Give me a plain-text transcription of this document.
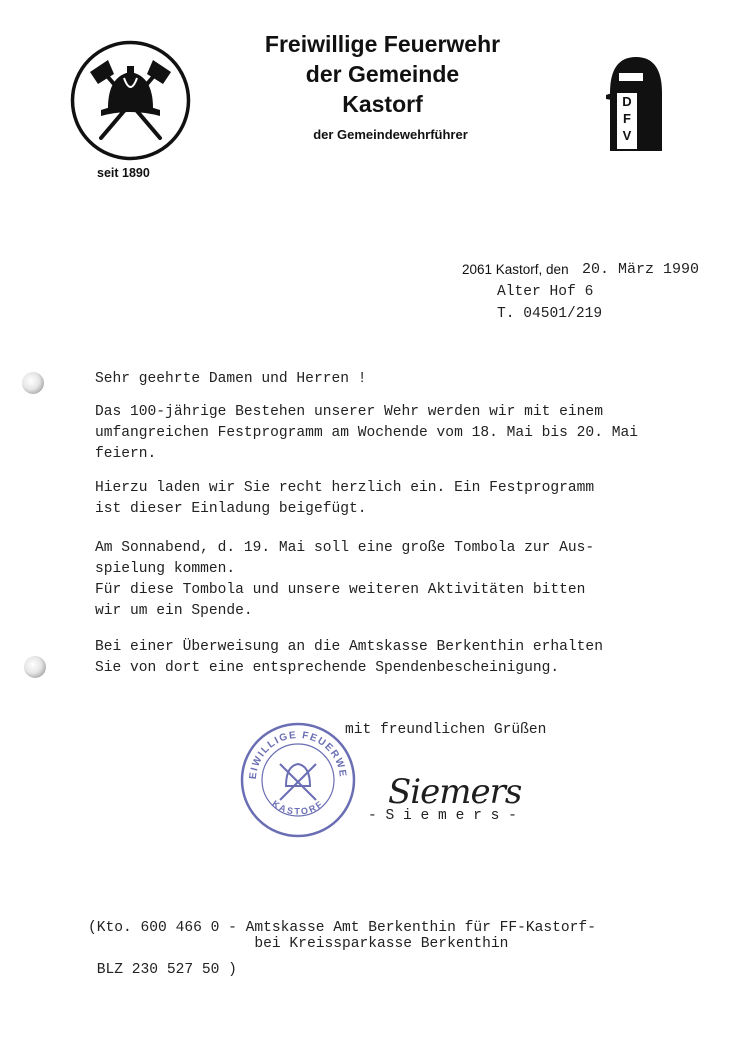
seit 1890
Freiwillige Feuerwehr
der Gemeinde
Kastorf
der Gemeindewehrführer
D
F
V
2061 Kastorf, den 20. März 1990
Alter Hof 6
T. 04501/219
Sehr geehrte Damen und Herren !
Das 100-jährige Bestehen unserer Wehr werden wir mit einem
umfangreichen Festprogramm am Wochende vom 18. Mai bis 20. Mai
feiern.
Hierzu laden wir Sie recht herzlich ein. Ein Festprogramm
ist dieser Einladung beigefügt.
Am Sonnabend, d. 19. Mai soll eine große Tombola zur Aus-
spielung kommen.
Für diese Tombola und unsere weiteren Aktivitäten bitten
wir um ein Spende.
Bei einer Überweisung an die Amtskasse Berkenthin erhalten
Sie von dort eine entsprechende Spendenbescheinigung.
mit freundlichen Grüßen
EIWILLIGE FEUERWE
KASTORF Siemers
- S i e m e r s -
(Kto. 600 466 0 - Amtskasse Amt Berkenthin für FF-Kastorf-
bei Kreissparkasse Berkenthin
BLZ 230 527 50 )
